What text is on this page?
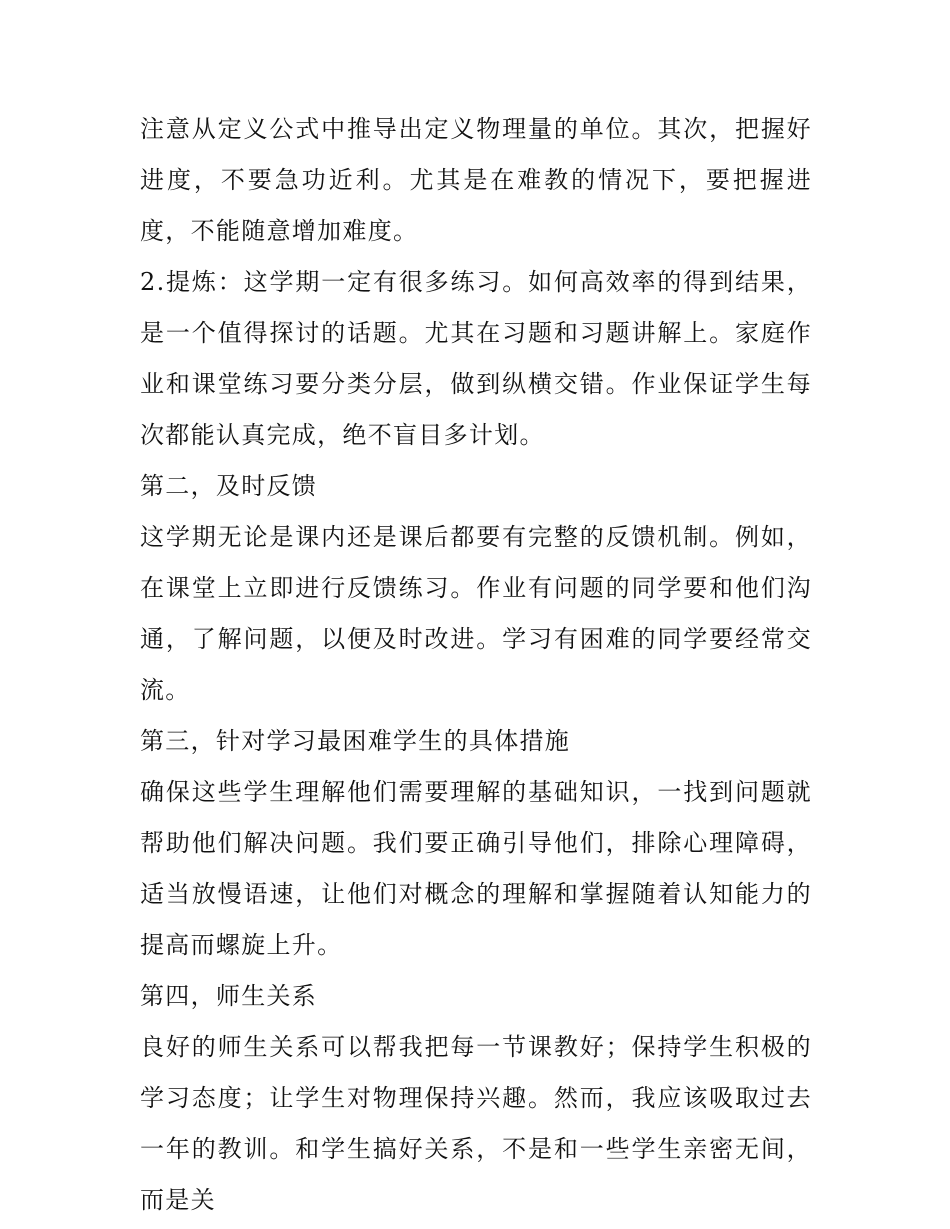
注意从定义公式中推导出定义物理量的单位。其次，把握好进度，不要急功近利。尤其是在难教的情况下，要把握进度，不能随意增加难度。

2.提炼：这学期一定有很多练习。如何高效率的得到结果，是一个值得探讨的话题。尤其在习题和习题讲解上。家庭作业和课堂练习要分类分层，做到纵横交错。作业保证学生每次都能认真完成，绝不盲目多计划。

第二，及时反馈

这学期无论是课内还是课后都要有完整的反馈机制。例如，在课堂上立即进行反馈练习。作业有问题的同学要和他们沟通，了解问题，以便及时改进。学习有困难的同学要经常交流。

第三，针对学习最困难学生的具体措施

确保这些学生理解他们需要理解的基础知识，一找到问题就帮助他们解决问题。我们要正确引导他们，排除心理障碍，适当放慢语速，让他们对概念的理解和掌握随着认知能力的提高而螺旋上升。

第四，师生关系

良好的师生关系可以帮我把每一节课教好；保持学生积极的学习态度；让学生对物理保持兴趣。然而，我应该吸取过去一年的教训。和学生搞好关系，不是和一些学生亲密无间，而是关
